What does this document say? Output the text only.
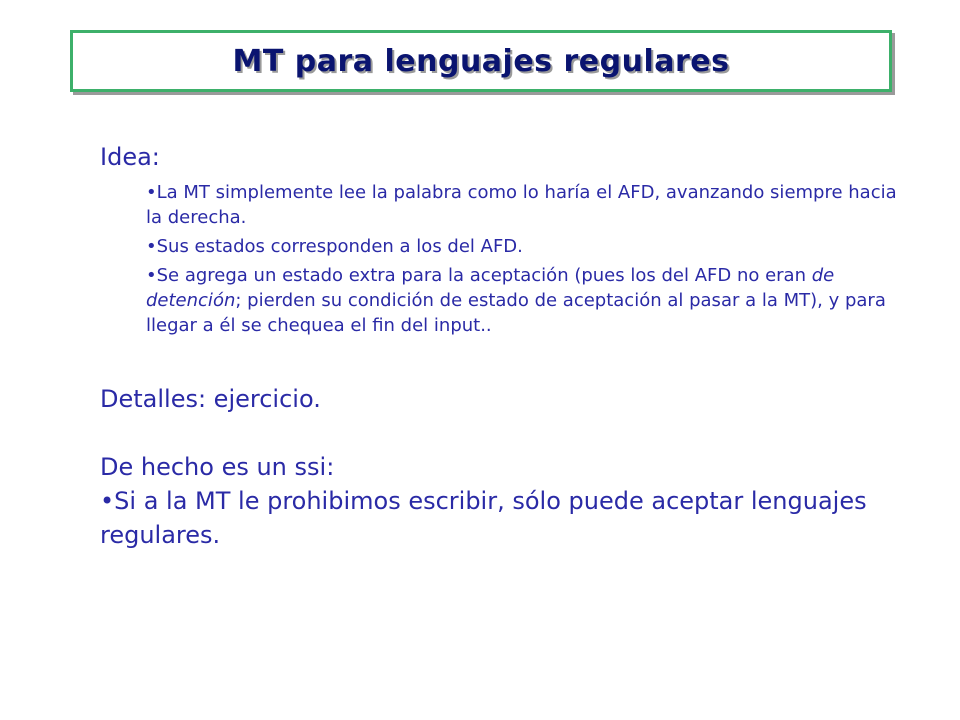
MT para lenguajes regulares

Idea:

•La MT simplemente lee la palabra como lo haría el AFD, avanzando siempre hacia la derecha.
•Sus estados corresponden a los del AFD.
•Se agrega un estado extra para la aceptación (pues los del AFD no eran de detención; pierden su condición de estado de aceptación al pasar a la MT), y para llegar a él se chequea el fin del input..

Detalles: ejercicio.

De hecho es un ssi:

•Si a la MT le prohibimos escribir, sólo puede aceptar lenguajes regulares.
